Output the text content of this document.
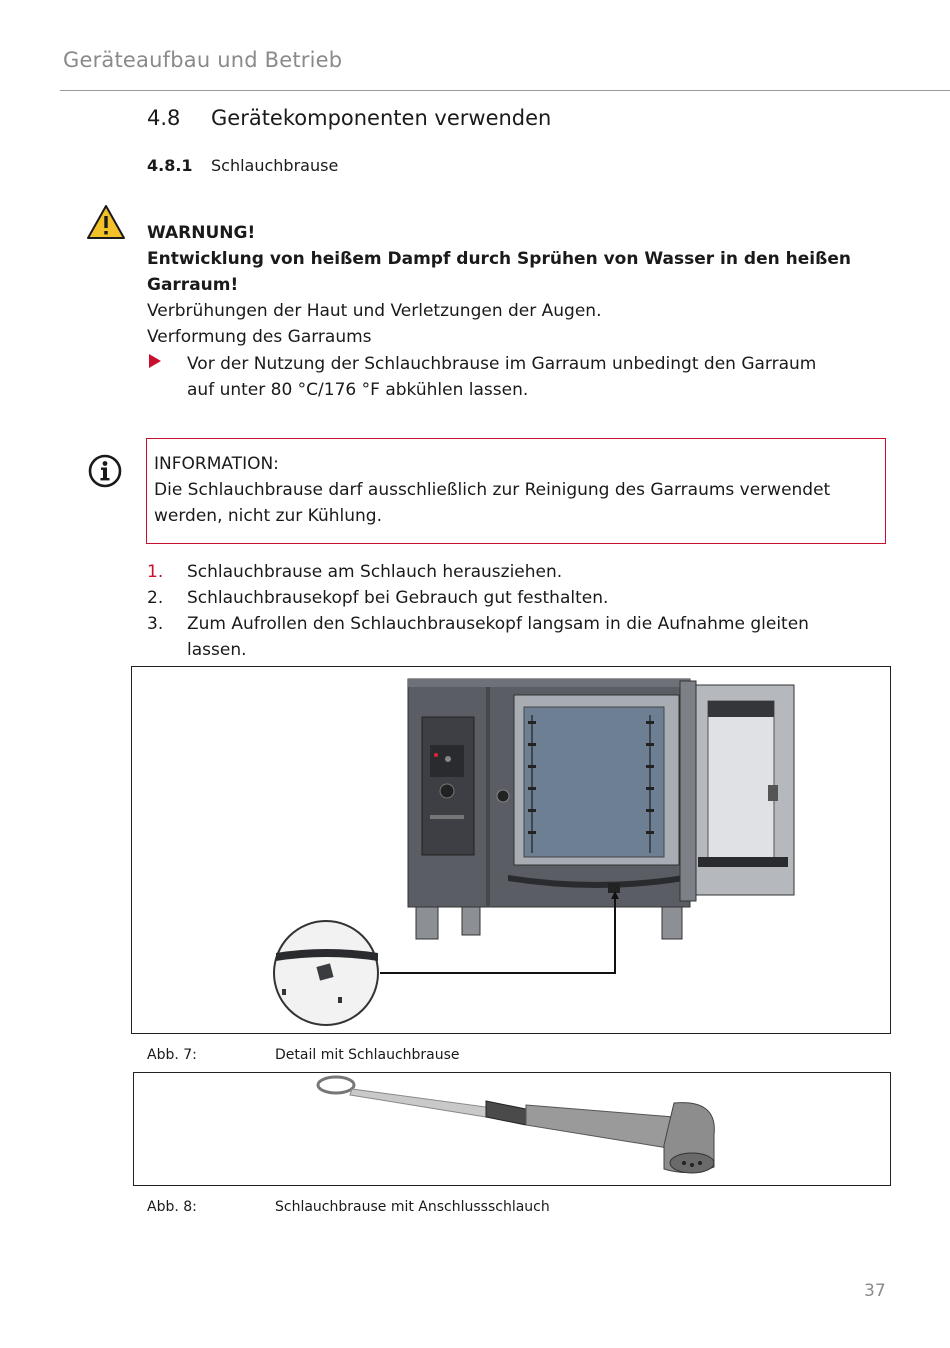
Geräteaufbau und Betrieb
4.8 Gerätekomponenten verwenden
4.8.1 Schlauchbrause
WARNUNG!
Entwicklung von heißem Dampf durch Sprühen von Wasser in den heißen
Garraum!
Verbrühungen der Haut und Verletzungen der Augen.
Verformung des Garraums
Vor der Nutzung der Schlauchbrause im Garraum unbedingt den Garraum
auf unter 80 °C/176 °F abkühlen lassen.
INFORMATION:
Die Schlauchbrause darf ausschließlich zur Reinigung des Garraums verwendet
werden, nicht zur Kühlung.
1. Schlauchbrause am Schlauch herausziehen.
2. Schlauchbrausekopf bei Gebrauch gut festhalten.
3. Zum Aufrollen den Schlauchbrausekopf langsam in die Aufnahme gleiten
lassen.
Abb. 7:	Detail mit Schlauchbrause
Abb. 8:	Schlauchbrause mit Anschlussschlauch
37
